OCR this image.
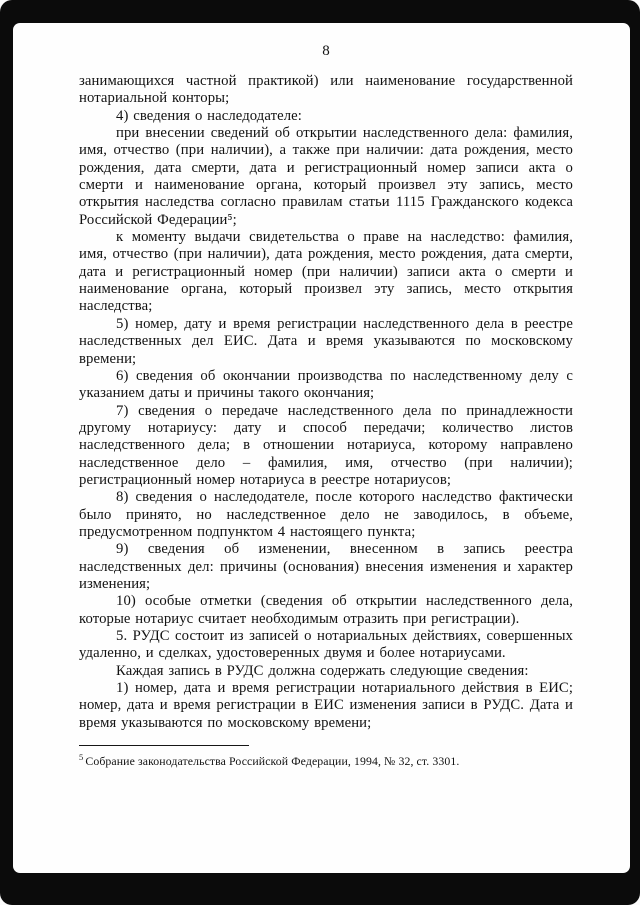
8

занимающихся частной практикой) или наименование государственной нотариальной конторы;

4) сведения о наследодателе:

при внесении сведений об открытии наследственного дела: фамилия, имя, отчество (при наличии), а также при наличии: дата рождения, место рождения, дата смерти, дата и регистрационный номер записи акта о смерти и наименование органа, который произвел эту запись, место открытия наследства согласно правилам статьи 1115 Гражданского кодекса Российской Федерации⁵;

к моменту выдачи свидетельства о праве на наследство: фамилия, имя, отчество (при наличии), дата рождения, место рождения, дата смерти, дата и регистрационный номер (при наличии) записи акта о смерти и наименование органа, который произвел эту запись, место открытия наследства;

5) номер, дату и время регистрации наследственного дела в реестре наследственных дел ЕИС. Дата и время указываются по московскому времени;

6) сведения об окончании производства по наследственному делу с указанием даты и причины такого окончания;

7) сведения о передаче наследственного дела по принадлежности другому нотариусу: дату и способ передачи; количество листов наследственного дела; в отношении нотариуса, которому направлено наследственное дело – фамилия, имя, отчество (при наличии); регистрационный номер нотариуса в реестре нотариусов;

8) сведения о наследодателе, после которого наследство фактически было принято, но наследственное дело не заводилось, в объеме, предусмотренном подпунктом 4 настоящего пункта;

9) сведения об изменении, внесенном в запись реестра наследственных дел: причины (основания) внесения изменения и характер изменения;

10) особые отметки (сведения об открытии наследственного дела, которые нотариус считает необходимым отразить при регистрации).

5. РУДС состоит из записей о нотариальных действиях, совершенных удаленно, и сделках, удостоверенных двумя и более нотариусами.

Каждая запись в РУДС должна содержать следующие сведения:

1) номер, дата и время регистрации нотариального действия в ЕИС; номер, дата и время регистрации в ЕИС изменения записи в РУДС. Дата и время указываются по московскому времени;

$^5$ Собрание законодательства Российской Федерации, 1994, № 32, ст. 3301.
